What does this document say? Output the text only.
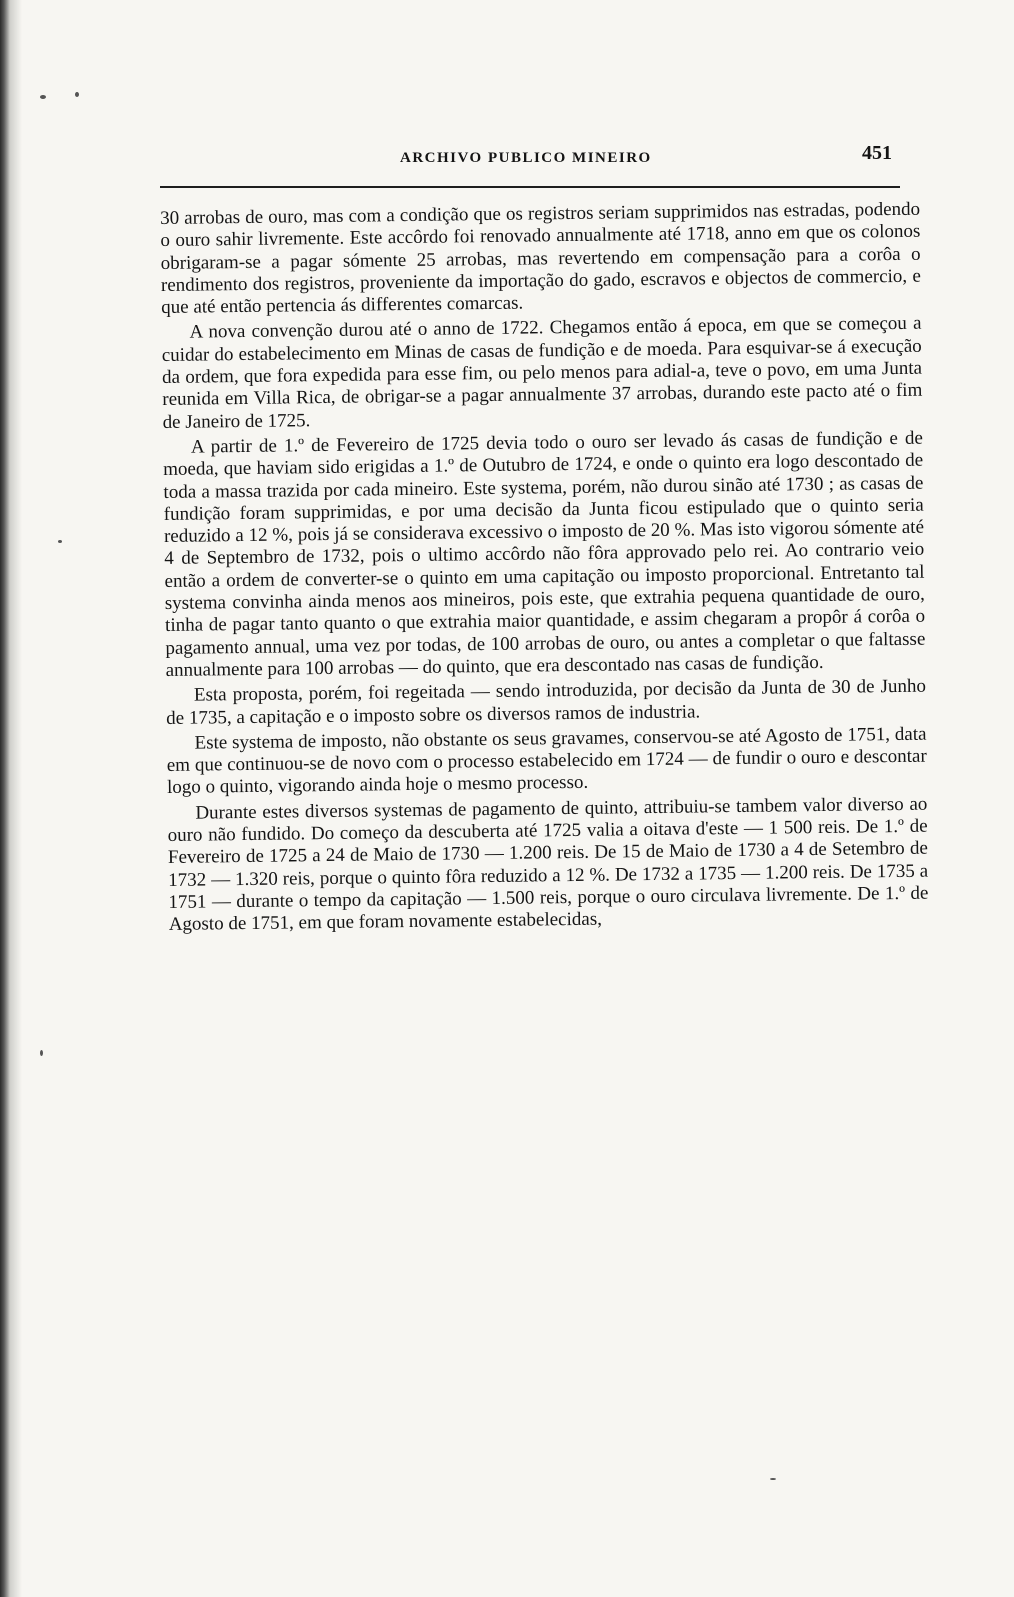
ARCHIVO PUBLICO MINEIRO	451

30 arrobas de ouro, mas com a condição que os registros seriam supprimidos nas estradas, podendo o ouro sahir livremente. Este accôrdo foi renovado annualmente até 1718, anno em que os colonos obrigaram-se a pagar sómente 25 arrobas, mas revertendo em compensação para a corôa o rendimento dos registros, proveniente da importação do gado, escravos e objectos de commercio, e que até então pertencia ás differentes comarcas.

A nova convenção durou até o anno de 1722. Chegamos então á epoca, em que se começou a cuidar do estabelecimento em Minas de casas de fundição e de moeda. Para esquivar-se á execução da ordem, que fora expedida para esse fim, ou pelo menos para adial-a, teve o povo, em uma Junta reunida em Villa Rica, de obrigar-se a pagar annualmente 37 arrobas, durando este pacto até o fim de Janeiro de 1725.

A partir de 1.º de Fevereiro de 1725 devia todo o ouro ser levado ás casas de fundição e de moeda, que haviam sido erigidas a 1.º de Outubro de 1724, e onde o quinto era logo descontado de toda a massa trazida por cada mineiro. Este systema, porém, não durou sinão até 1730 ; as casas de fundição foram supprimidas, e por uma decisão da Junta ficou estipulado que o quinto seria reduzido a 12 %, pois já se considerava excessivo o imposto de 20 %. Mas isto vigorou sómente até 4 de Septembro de 1732, pois o ultimo accôrdo não fôra approvado pelo rei. Ao contrario veio então a ordem de converter-se o quinto em uma capitação ou imposto proporcional. Entretanto tal systema convinha ainda menos aos mineiros, pois este, que extrahia pequena quantidade de ouro, tinha de pagar tanto quanto o que extrahia maior quantidade, e assim chegaram a propôr á corôa o pagamento annual, uma vez por todas, de 100 arrobas de ouro, ou antes a completar o que faltasse annualmente para 100 arrobas — do quinto, que era descontado nas casas de fundição.

Esta proposta, porém, foi regeitada — sendo introduzida, por decisão da Junta de 30 de Junho de 1735, a capitação e o imposto sobre os diversos ramos de industria.

Este systema de imposto, não obstante os seus gravames, conservou-se até Agosto de 1751, data em que continuou-se de novo com o processo estabelecido em 1724 — de fundir o ouro e descontar logo o quinto, vigorando ainda hoje o mesmo processo.

Durante estes diversos systemas de pagamento de quinto, attribuiu-se tambem valor diverso ao ouro não fundido. Do começo da descuberta até 1725 valia a oitava d'este — 1 500 reis. De 1.º de Fevereiro de 1725 a 24 de Maio de 1730 — 1.200 reis. De 15 de Maio de 1730 a 4 de Setembro de 1732 — 1.320 reis, porque o quinto fôra reduzido a 12 %. De 1732 a 1735 — 1.200 reis. De 1735 a 1751 — durante o tempo da capitação — 1.500 reis, porque o ouro circulava livremente. De 1.º de Agosto de 1751, em que foram novamente estabelecidas,
